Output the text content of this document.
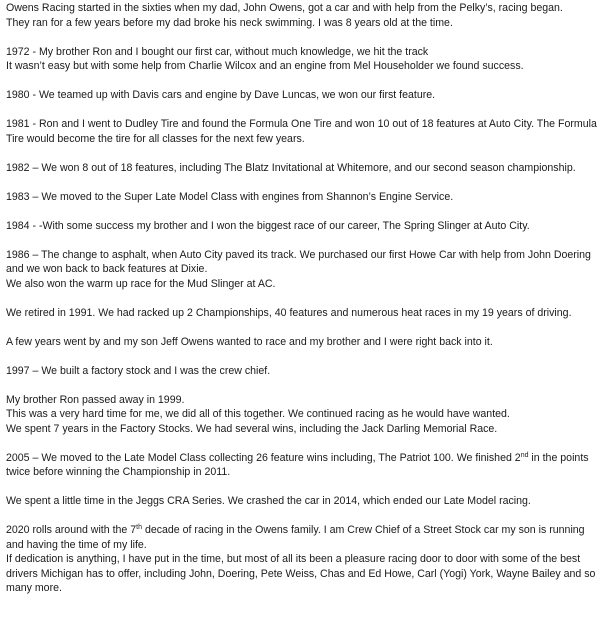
Owens Racing started in the sixties when my dad, John Owens, got a car and with help from the Pelky’s, racing began.
They ran for a few years before my dad broke his neck swimming. I was 8 years old at the time.

1972 - My brother Ron and I bought our first car, without much knowledge, we hit the track
It wasn’t easy but with some help from Charlie Wilcox and an engine from Mel Householder we found success.

1980 - We teamed up with Davis cars and engine by Dave Luncas, we won our first feature.

1981 - Ron and I went to Dudley Tire and found the Formula One Tire and won 10 out of 18 features at Auto City. The Formula Tire would become the tire for all classes for the next few years.

1982 – We won 8 out of 18 features, including The Blatz Invitational at Whitemore, and our second season championship.

1983 – We moved to the Super Late Model Class with engines from Shannon’s Engine Service.

1984 - -With some success my brother and I won the biggest race of our career, The Spring Slinger at Auto City.

1986 – The change to asphalt, when Auto City paved its track. We purchased our first Howe Car with help from John Doering and we won back to back features at Dixie.
We also won the warm up race for the Mud Slinger at AC.

We retired in 1991. We had racked up 2 Championships, 40 features and numerous heat races in my 19 years of driving.

A few years went by and my son Jeff Owens wanted to race and my brother and I were right back into it.

1997 – We built a factory stock and I was the crew chief.

My brother Ron passed away in 1999.
This was a very hard time for me, we did all of this together. We continued racing as he would have wanted.
We spent 7 years in the Factory Stocks. We had several wins, including the Jack Darling Memorial Race.

2005 – We moved to the Late Model Class collecting 26 feature wins including, The Patriot 100. We finished 2nd in the points twice before winning the Championship in 2011.

We spent a little time in the Jeggs CRA Series. We crashed the car in 2014, which ended our Late Model racing.

2020 rolls around with the 7th decade of racing in the Owens family. I am Crew Chief of a Street Stock car my son is running and having the time of my life.
If dedication is anything, I have put in the time, but most of all its been a pleasure racing door to door with some of the best drivers Michigan has to offer, including John, Doering, Pete Weiss, Chas and Ed Howe, Carl (Yogi) York, Wayne Bailey and so many more.
